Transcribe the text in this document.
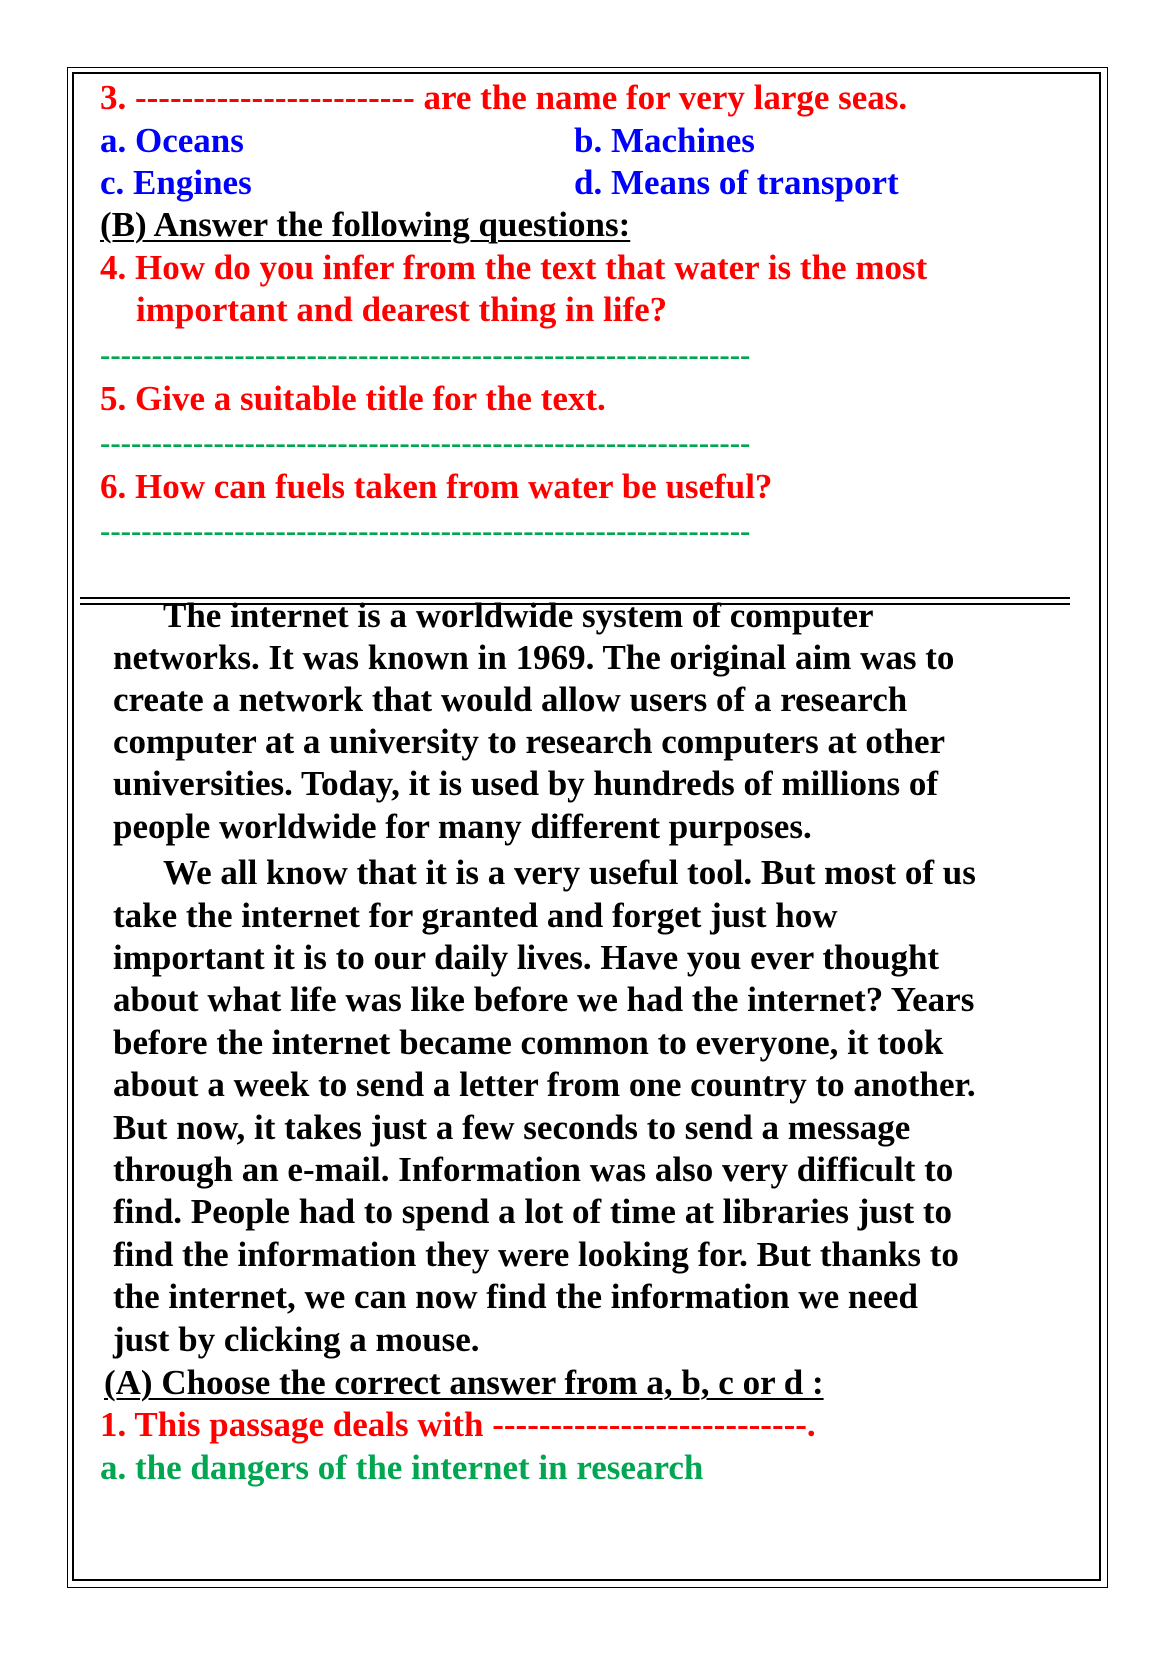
3. ------------------------ are the name for very large seas.
a. Oceans	b. Machines
c. Engines	d. Means of transport
(B) Answer the following questions:
4. How do you infer from the text that water is the most
important and dearest thing in life?
---------------------------------------------------------------
5. Give a suitable title for the text.
---------------------------------------------------------------
6. How can fuels taken from water be useful?
---------------------------------------------------------------
The internet is a worldwide system of computer
networks. It was known in 1969. The original aim was to
create a network that would allow users of a research
computer at a university to research computers at other
universities. Today, it is used by hundreds of millions of
people worldwide for many different purposes.
We all know that it is a very useful tool. But most of us
take the internet for granted and forget just how
important it is to our daily lives. Have you ever thought
about what life was like before we had the internet? Years
before the internet became common to everyone, it took
about a week to send a letter from one country to another.
But now, it takes just a few seconds to send a message
through an e-mail. Information was also very difficult to
find. People had to spend a lot of time at libraries just to
find the information they were looking for. But thanks to
the internet, we can now find the information we need
just by clicking a mouse.
(A) Choose the correct answer from a, b, c or d :
1. This passage deals with ---------------------------.
a. the dangers of the internet in research
